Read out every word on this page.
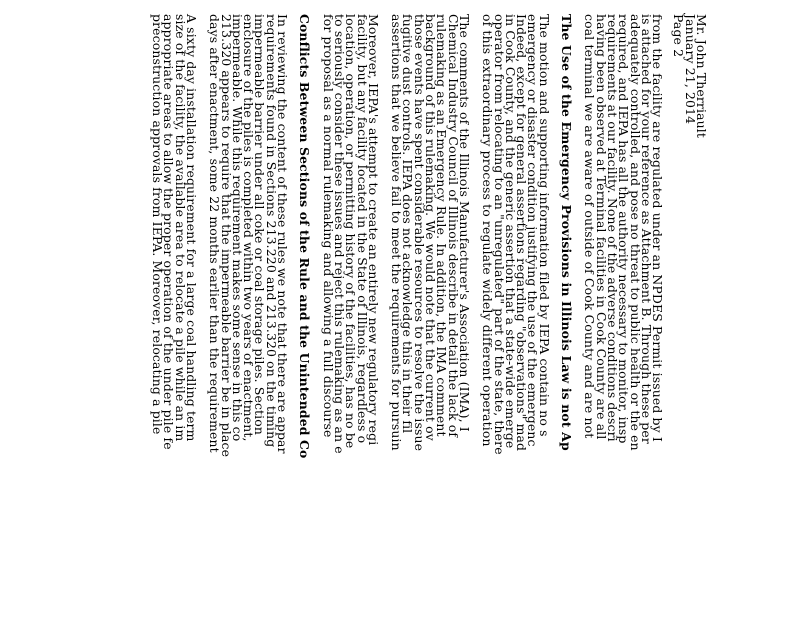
Mr. John Therriault
January 21, 2014
Page 2
from the facility are regulated under an NPDES Permit issued by I
is attached for your reference as Attachment B. Through these per
adequately controlled, and pose no threat to public health or the en
required, and IEPA has all the authority necessary to monitor, insp
requirements at our facility. None of the adverse conditions descri
having been observed at Terminal facilities in Cook County are all
coal terminal we are aware of outside of Cook County and are not
The Use of the Emergency Provisions in Illinois Law is not Ap
The motion and supporting information filed by IEPA contain no s
emergency or disaster condition justifying the use of the emergenc
Indeed, except for general assertions regarding "observations" mad
in Cook County, and the generic assertion that a state-wide emerge
operator from relocating to an "unregulated" part of the state, there
of this extraordinary process to regulate widely different operation
The comments of the Illinois Manufacturer's Association (IMA), I
Chemical Industry Council of Illinois describe in detail the lack of
rulemaking as an Emergency Rule. In addition, the IMA comment
background of this rulemaking. We would note that the current ov
those events have spent considerable resources to resolve the issue
fugitive dust controls. IEPA does not acknowledge this in their fil
assertions that we believe fail to meet the requirements for pursuin
Moreover, IEPA's attempt to create an entirely new regulatory regi
facility, but any facility located in the State of Illinois, regardless o
location, operation, or permitting history of the facilities, has no be
to seriously consider these issues and reject this rulemaking as an e
for proposal as a normal rulemaking and allowing a full discourse
Conflicts Between Sections of the Rule and the Unintended Co
In reviewing the content of these rules we note that there are appar
requirements found in Sections 213.220 and 213.320 on the timing
impermeable barrier under all coke or coal storage piles. Section
enclosure of the piles is completed within two years of enactment,
impermeable. While this requirement makes some sense in this co
213.320 appears to require that the impermeable barrier be in place
days after enactment, some 22 months earlier than the requirement
A sixty day installation requirement for a large coal handling term
size of the facility, the available area to relocate a pile while an im
appropriate areas to allow the proper operation of the under pile fe
preconstruction approvals from IEPA. Moreover, relocating a pile
